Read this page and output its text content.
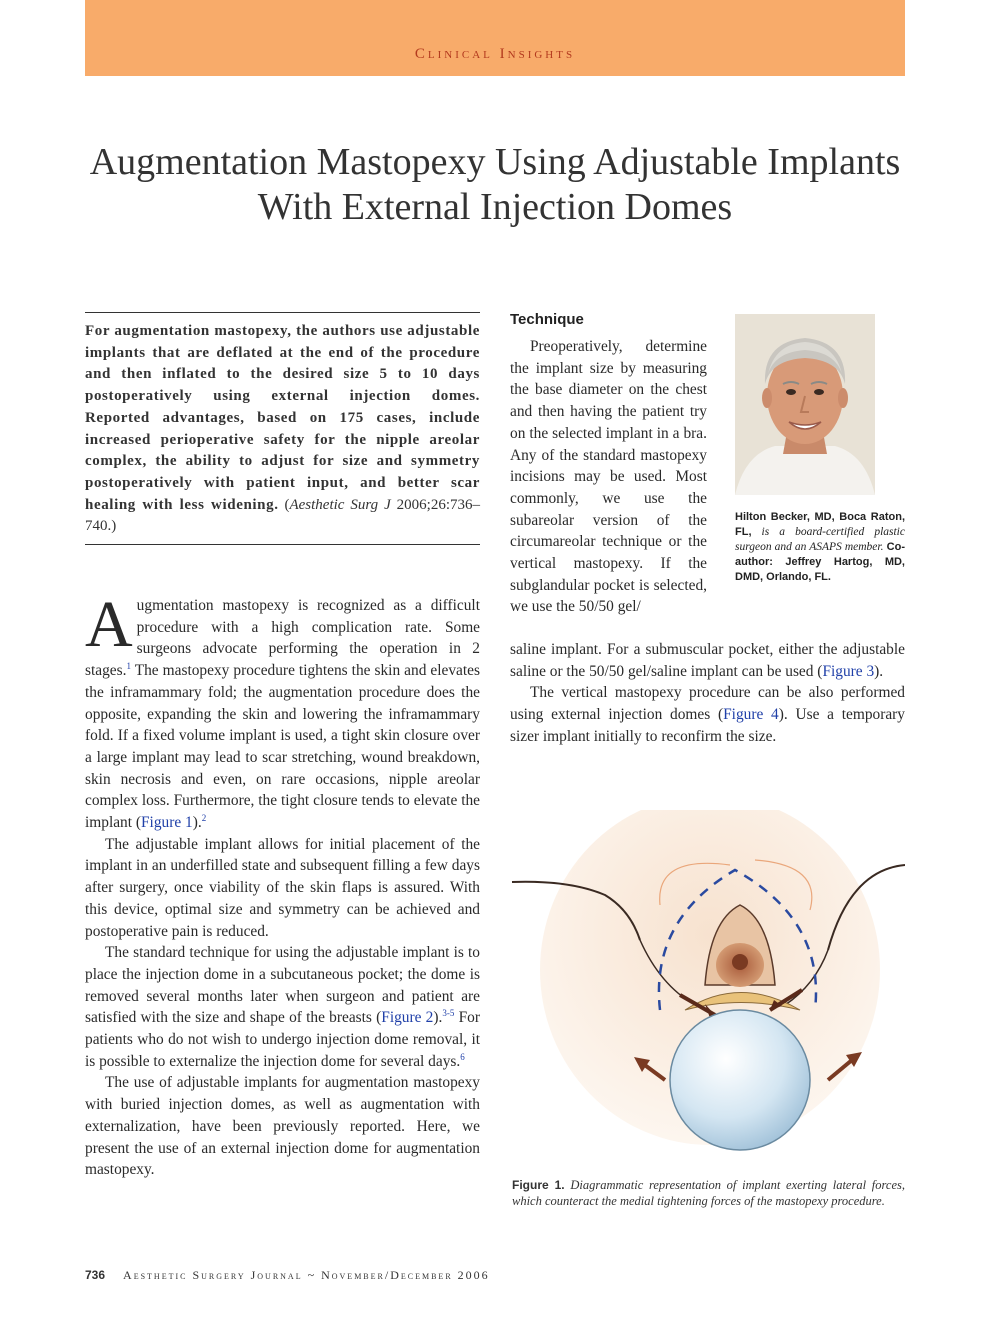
Clinical Insights
Augmentation Mastopexy Using Adjustable Implants With External Injection Domes
For augmentation mastopexy, the authors use adjustable implants that are deflated at the end of the procedure and then inflated to the desired size 5 to 10 days postoperatively using external injection domes. Reported advantages, based on 175 cases, include increased perioperative safety for the nipple areolar complex, the ability to adjust for size and symmetry postoperatively with patient input, and better scar healing with less widening. (Aesthetic Surg J 2006;26:736–740.)

Augmentation mastopexy is recognized as a difficult procedure with a high complication rate. Some surgeons advocate performing the operation in 2 stages.$^1$ The mastopexy procedure tightens the skin and elevates the inframammary fold; the augmentation procedure does the opposite, expanding the skin and lowering the inframammary fold. If a fixed volume implant is used, a tight skin closure over a large implant may lead to scar stretching, wound breakdown, skin necrosis and even, on rare occasions, nipple areolar complex loss. Furthermore, the tight closure tends to elevate the implant (Figure 1).$^2$

The adjustable implant allows for initial placement of the implant in an underfilled state and subsequent filling a few days after surgery, once viability of the skin flaps is assured. With this device, optimal size and symmetry can be achieved and postoperative pain is reduced.

The standard technique for using the adjustable implant is to place the injection dome in a subcutaneous pocket; the dome is removed several months later when surgeon and patient are satisfied with the size and shape of the breasts (Figure 2).$^{3-5}$ For patients who do not wish to undergo injection dome removal, it is possible to externalize the injection dome for several days.$^6$

The use of adjustable implants for augmentation mastopexy with buried injection domes, as well as augmentation with externalization, have been previously reported. Here, we present the use of an external injection dome for augmentation mastopexy.

Technique

Preoperatively, determine the implant size by measuring the base diameter on the chest and then having the patient try on the selected implant in a bra. Any of the standard mastopexy incisions may be used. Most commonly, we use the subareolar version of the circumareolar technique or the vertical mastopexy. If the subglandular pocket is selected, we use the 50/50 gel/

Hilton Becker, MD, Boca Raton, FL, is a board-certified plastic surgeon and an ASAPS member. Co-author: Jeffrey Hartog, MD, DMD, Orlando, FL.

saline implant. For a submuscular pocket, either the adjustable saline or the 50/50 gel/saline implant can be used (Figure 3).

The vertical mastopexy procedure can be also performed using external injection domes (Figure 4). Use a temporary sizer implant initially to reconfirm the size.

Figure 1. Diagrammatic representation of implant exerting lateral forces, which counteract the medial tightening forces of the mastopexy procedure.
736 Aesthetic Surgery Journal ~ November/December 2006
